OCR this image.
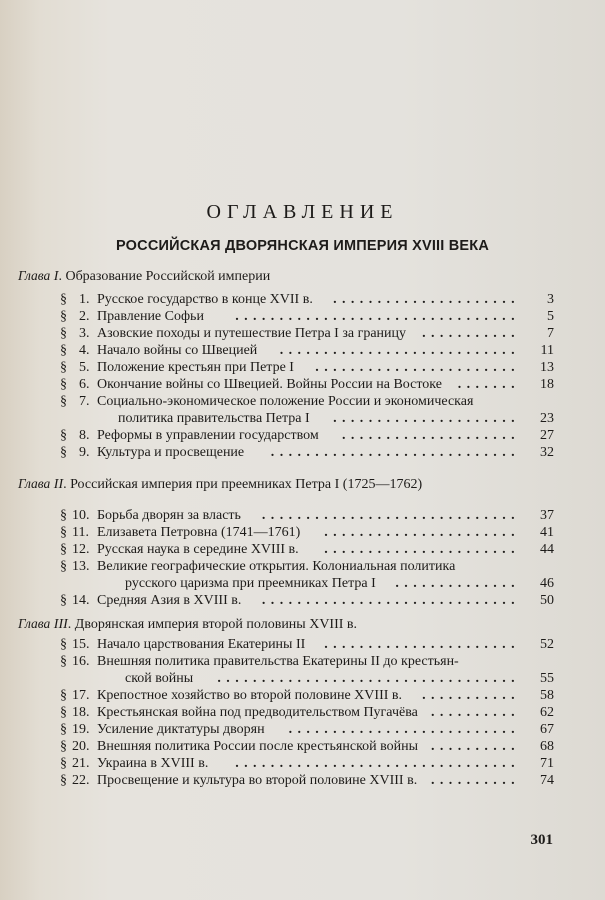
ОГЛАВЛЕНИЕ
РОССИЙСКАЯ ДВОРЯНСКАЯ ИМПЕРИЯ XVIII ВЕКА
Глава I. Образование Российской империи
§ 1. Русское государство в конце XVII в. ..................... 3
§ 2. Правление Софьи ................................ 5
§ 3. Азовские походы и путешествие Петра I за границу ........... 7
§ 4. Начало войны со Швецией ........................... 11
§ 5. Положение крестьян при Петре I ....................... 13
§ 6. Окончание войны со Швецией. Войны России на Востоке ....... 18
§ 7. Социально-экономическое положение России и экономическая
политика правительства Петра I ..................... 23
§ 8. Реформы в управлении государством .................... 27
§ 9. Культура и просвещение ............................ 32
Глава II. Российская империя при преемниках Петра I (1725—1762)
§ 10. Борьба дворян за власть ............................. 37
§ 11. Елизавета Петровна (1741—1761) ...................... 41
§ 12. Русская наука в середине XVIII в. ...................... 44
§ 13. Великие географические открытия. Колониальная политика
русского царизма при преемниках Петра I .............. 46
§ 14. Средняя Азия в XVIII в. ............................. 50
Глава III. Дворянская империя второй половины XVIII в.
§ 15. Начало царствования Екатерины II ...................... 52
§ 16. Внешняя политика правительства Екатерины II до крестьян-
ской войны .................................. 55
§ 17. Крепостное хозяйство во второй половине XVIII в. ........... 58
§ 18. Крестьянская война под предводительством Пугачёва .......... 62
§ 19. Усиление диктатуры дворян .......................... 67
§ 20. Внешняя политика России после крестьянской войны .......... 68
§ 21. Украина в XVIII в. ................................ 71
§ 22. Просвещение и культура во второй половине XVIII в. .......... 74
301
